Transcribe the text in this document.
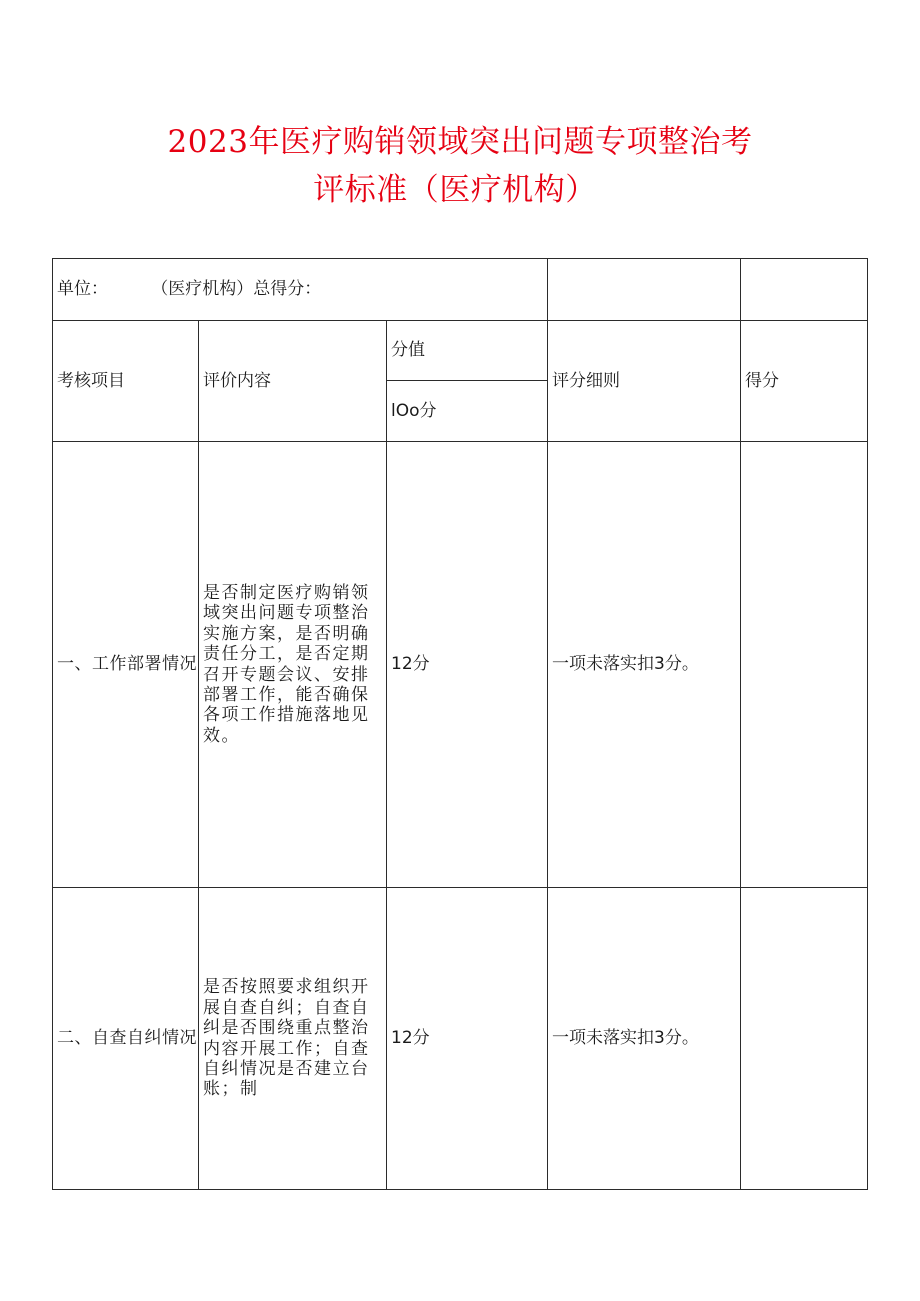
2023年医疗购销领域突出问题专项整治考
评标准（医疗机构）
单位：        （医疗机构）总得分：				
考核项目	评价内容	分值	评分细则	得分
		lOo分		
一、工作部署情况	是否制定医疗购销领域突出问题专项整治实施方案，是否明确责任分工，是否定期召开专题会议、安排部署工作，能否确保各项工作措施落地见效。	12分	一项未落实扣3分。	
二、自查自纠情况	是否按照要求组织开展自查自纠；自查自纠是否围绕重点整治内容开展工作；自查自纠情况是否建立台账；制	12分	一项未落实扣3分。	
